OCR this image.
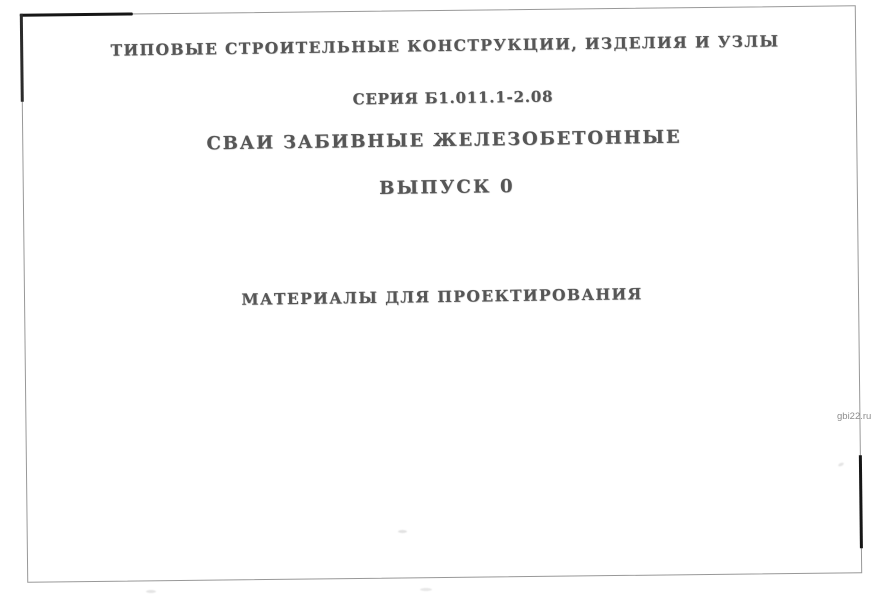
ТИПОВЫЕ СТРОИТЕЛЬНЫЕ КОНСТРУКЦИИ, ИЗДЕЛИЯ И УЗЛЫ
СЕРИЯ Б1.011.1-2.08
СВАИ ЗАБИВНЫЕ ЖЕЛЕЗОБЕТОННЫЕ
ВЫПУСК 0
МАТЕРИАЛЫ ДЛЯ ПРОЕКТИРОВАНИЯ
gbi22.ru
